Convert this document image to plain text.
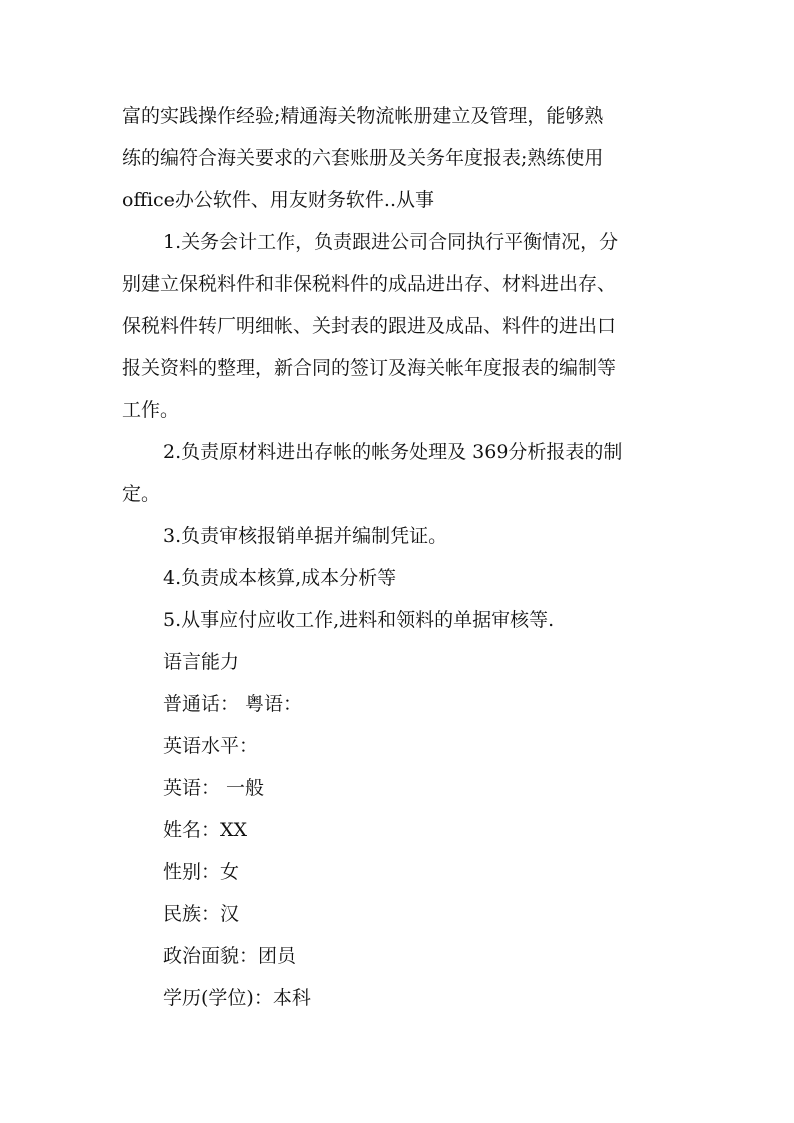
富的实践操作经验;精通海关物流帐册建立及管理，能够熟
练的编符合海关要求的六套账册及关务年度报表;熟练使用
office办公软件、用友财务软件..从事
1.关务会计工作，负责跟进公司合同执行平衡情况，分
别建立保税料件和非保税料件的成品进出存、材料进出存、
保税料件转厂明细帐、关封表的跟进及成品、料件的进出口
报关资料的整理，新合同的签订及海关帐年度报表的编制等
工作。
2.负责原材料进出存帐的帐务处理及 369分析报表的制
定。
3.负责审核报销单据并编制凭证。
4.负责成本核算,成本分析等
5.从事应付应收工作,进料和领料的单据审核等.
语言能力
普通话： 粤语：
英语水平：
英语： 一般
姓名：XX
性别：女
民族：汉
政治面貌：团员
学历(学位)：本科
